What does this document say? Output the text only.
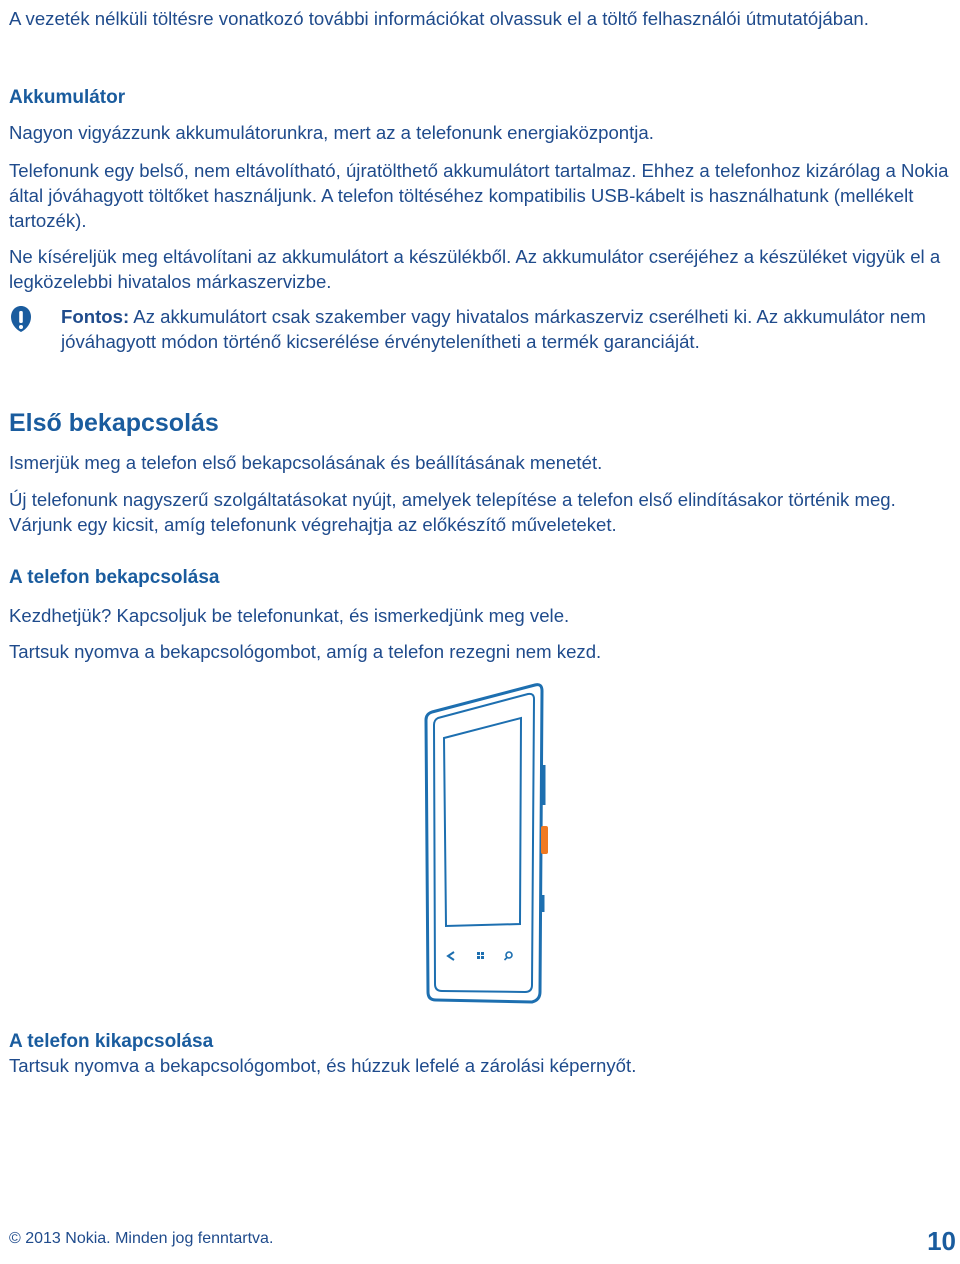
A vezeték nélküli töltésre vonatkozó további információkat olvassuk el a töltő felhasználói útmutatójában.

Akkumulátor

Nagyon vigyázzunk akkumulátorunkra, mert az a telefonunk energiaközpontja.

Telefonunk egy belső, nem eltávolítható, újratölthető akkumulátort tartalmaz. Ehhez a telefonhoz kizárólag a Nokia által jóváhagyott töltőket használjunk. A telefon töltéséhez kompatibilis USB-kábelt is használhatunk (mellékelt tartozék).

Ne kíséreljük meg eltávolítani az akkumulátort a készülékből. Az akkumulátor cseréjéhez a készüléket vigyük el a legközelebbi hivatalos márkaszervizbe.

Fontos: Az akkumulátort csak szakember vagy hivatalos márkaszerviz cserélheti ki. Az akkumulátor nem jóváhagyott módon történő kicserélése érvénytelenítheti a termék garanciáját.

Első bekapcsolás

Ismerjük meg a telefon első bekapcsolásának és beállításának menetét.

Új telefonunk nagyszerű szolgáltatásokat nyújt, amelyek telepítése a telefon első elindításakor történik meg. Várjunk egy kicsit, amíg telefonunk végrehajtja az előkészítő műveleteket.

A telefon bekapcsolása

Kezdhetjük? Kapcsoljuk be telefonunkat, és ismerkedjünk meg vele.

Tartsuk nyomva a bekapcsológombot, amíg a telefon rezegni nem kezd.

A telefon kikapcsolása

Tartsuk nyomva a bekapcsológombot, és húzzuk lefelé a zárolási képernyőt.

© 2013 Nokia. Minden jog fenntartva.	10
